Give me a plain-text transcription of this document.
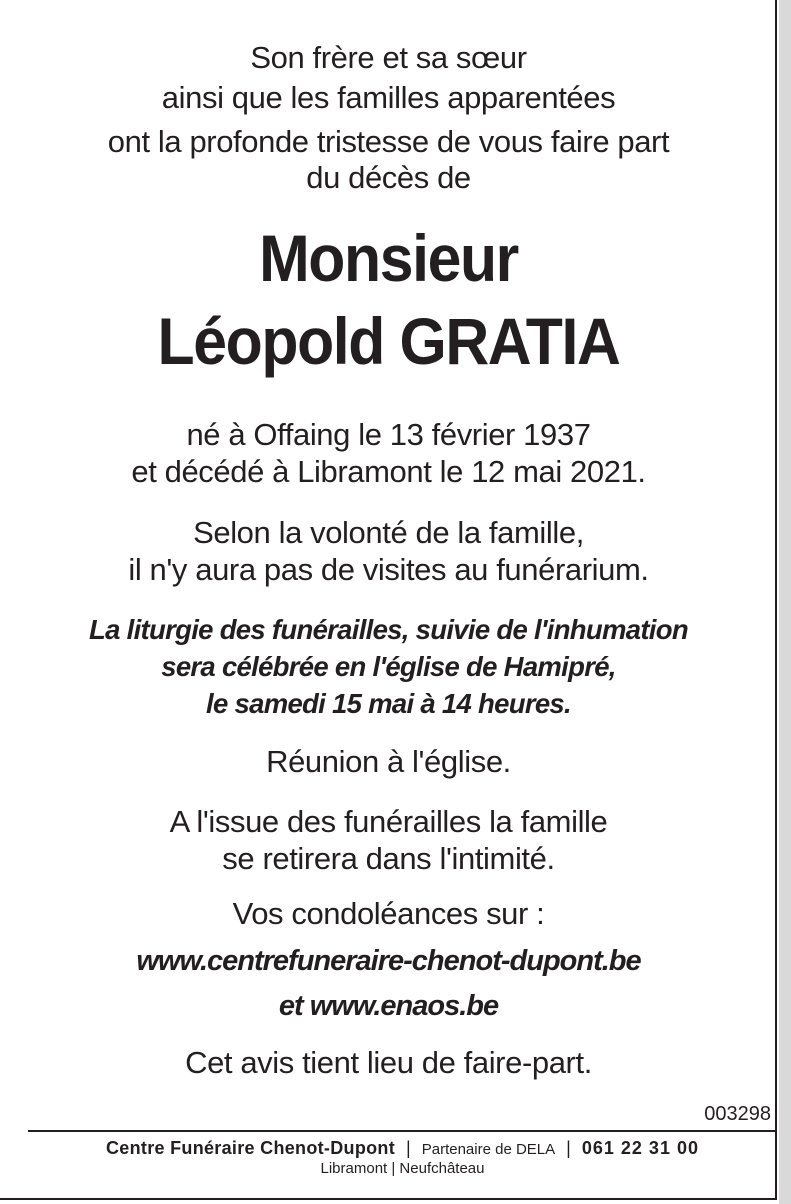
Son frère et sa sœur
ainsi que les familles apparentées
ont la profonde tristesse de vous faire part
du décès de
Monsieur
Léopold GRATIA
né à Offaing le 13 février 1937
et décédé à Libramont le 12 mai 2021.
Selon la volonté de la famille,
il n'y aura pas de visites au funérarium.
La liturgie des funérailles, suivie de l'inhumation
sera célébrée en l'église de Hamipré,
le samedi 15 mai à 14 heures.
Réunion à l'église.
A l'issue des funérailles la famille
se retirera dans l'intimité.
Vos condoléances sur :
www.centrefuneraire-chenot-dupont.be
et www.enaos.be
Cet avis tient lieu de faire-part.
003298
Centre Funéraire Chenot-Dupont | Partenaire de DELA | 061 22 31 00
Libramont | Neufchâteau
